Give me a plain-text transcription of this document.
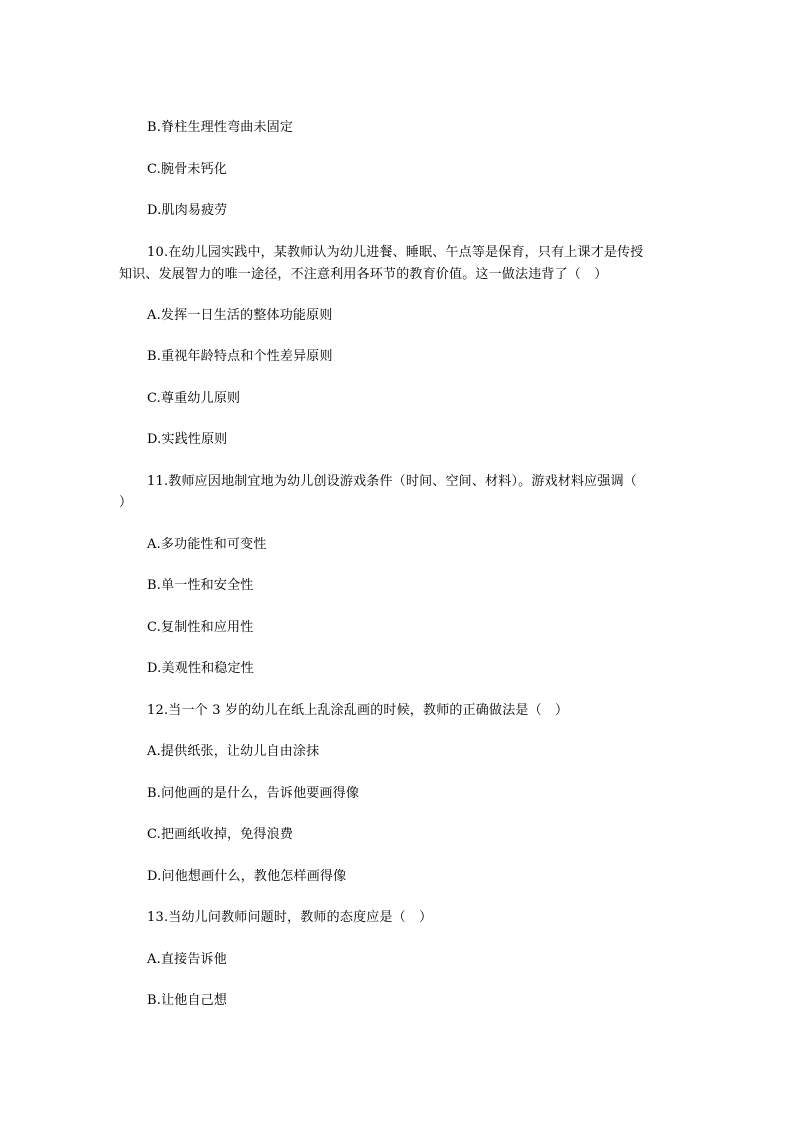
B.脊柱生理性弯曲未固定
C.腕骨未钙化
D.肌肉易疲劳
10.在幼儿园实践中，某教师认为幼儿进餐、睡眠、午点等是保育，只有上课才是传授
知识、发展智力的唯一途径，不注意利用各环节的教育价值。这一做法违背了（　）
A.发挥一日生活的整体功能原则
B.重视年龄特点和个性差异原则
C.尊重幼儿原则
D.实践性原则
11.教师应因地制宜地为幼儿创设游戏条件（时间、空间、材料）。游戏材料应强调（
）
A.多功能性和可变性
B.单一性和安全性
C.复制性和应用性
D.美观性和稳定性
12.当一个 3 岁的幼儿在纸上乱涂乱画的时候，教师的正确做法是（　）
A.提供纸张，让幼儿自由涂抹
B.问他画的是什么，告诉他要画得像
C.把画纸收掉，免得浪费
D.问他想画什么，教他怎样画得像
13.当幼儿问教师问题时，教师的态度应是（　）
A.直接告诉他
B.让他自己想
